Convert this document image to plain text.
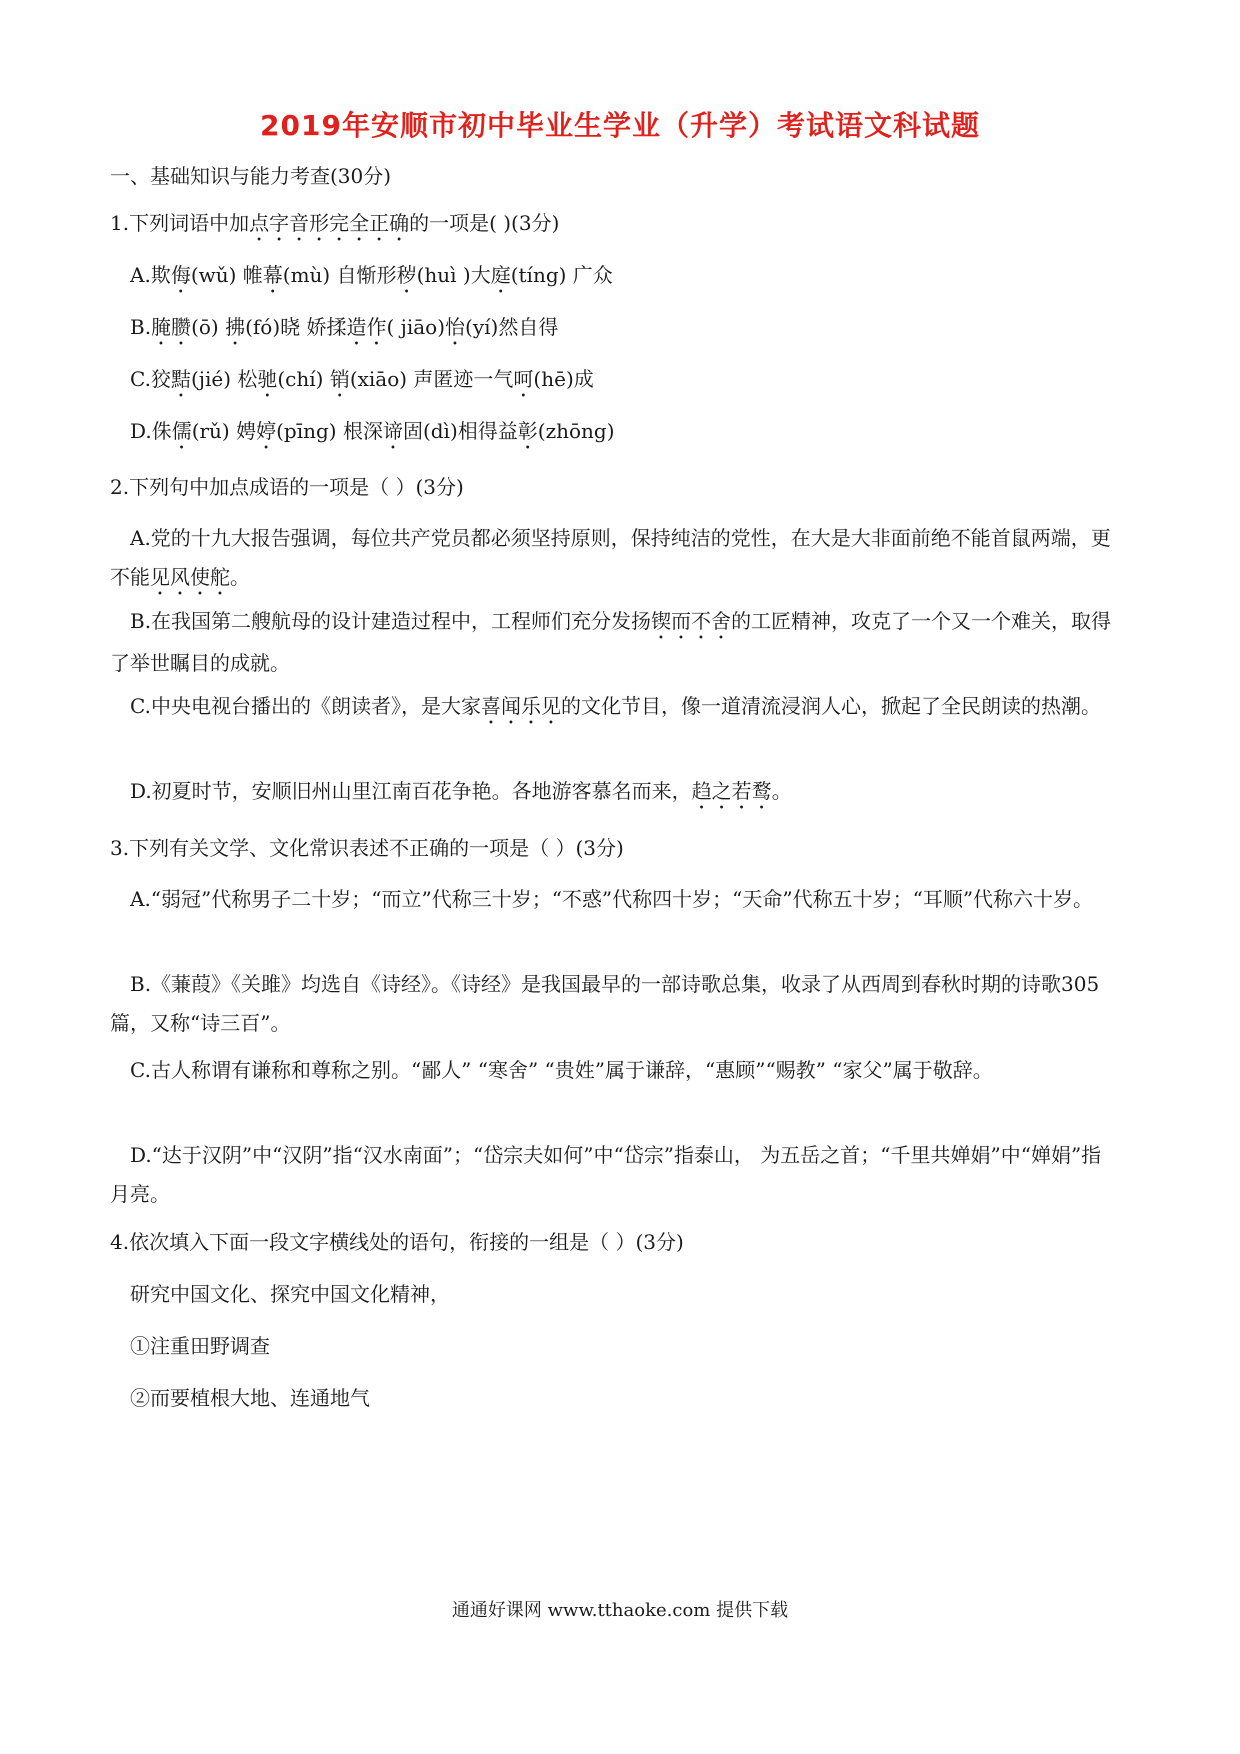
2019年安顺市初中毕业生学业（升学）考试语文科试题
一、基础知识与能力考查(30分)
1.下列词语中加点字音形完全正确的一项是( )(3分)
A.欺侮(wǔ) 帷幕(mù) 自惭形秽(huì )大庭(tíng) 广众
B.腌臜(ō) 拂(fó)晓 娇揉造作( jiāo)怡(yí)然自得
C.狡黠(jié) 松驰(chí) 销(xiāo) 声匿迹一气呵(hē)成
D.侏儒(rǔ) 娉婷(pīng) 根深谛固(dì)相得益彰(zhōng)
2.下列句中加点成语的一项是（ ）(3分)
A.党的十九大报告强调，每位共产党员都必须坚持原则，保持纯洁的党性，在大是大非面前绝不能首鼠两端，更不能见风使舵。
B.在我国第二艘航母的设计建造过程中，工程师们充分发扬锲而不舍的工匠精神，攻克了一个又一个难关，取得了举世瞩目的成就。
C.中央电视台播出的《朗读者》，是大家喜闻乐见的文化节目，像一道清流浸润人心，掀起了全民朗读的热潮。
D.初夏时节，安顺旧州山里江南百花争艳。各地游客慕名而来，趋之若鹜。
3.下列有关文学、文化常识表述不正确的一项是（ ）(3分)
A.“弱冠”代称男子二十岁；“而立”代称三十岁；“不惑”代称四十岁；“天命”代称五十岁；“耳顺”代称六十岁。
B.《蒹葭》《关雎》均选自《诗经》。《诗经》是我国最早的一部诗歌总集，收录了从西周到春秋时期的诗歌305篇，又称“诗三百”。
C.古人称谓有谦称和尊称之别。“鄙人” “寒舍” “贵姓”属于谦辞，“惠顾”“赐教” “家父”属于敬辞。
D.“达于汉阴”中“汉阴”指“汉水南面”；“岱宗夫如何”中“岱宗”指泰山， 为五岳之首；“千里共婵娟”中“婵娟”指月亮。
4.依次填入下面一段文字横线处的语句，衔接的一组是（ ）(3分)
研究中国文化、探究中国文化精神，
①注重田野调查
②而要植根大地、连通地气
通通好课网 www.tthaoke.com 提供下载
